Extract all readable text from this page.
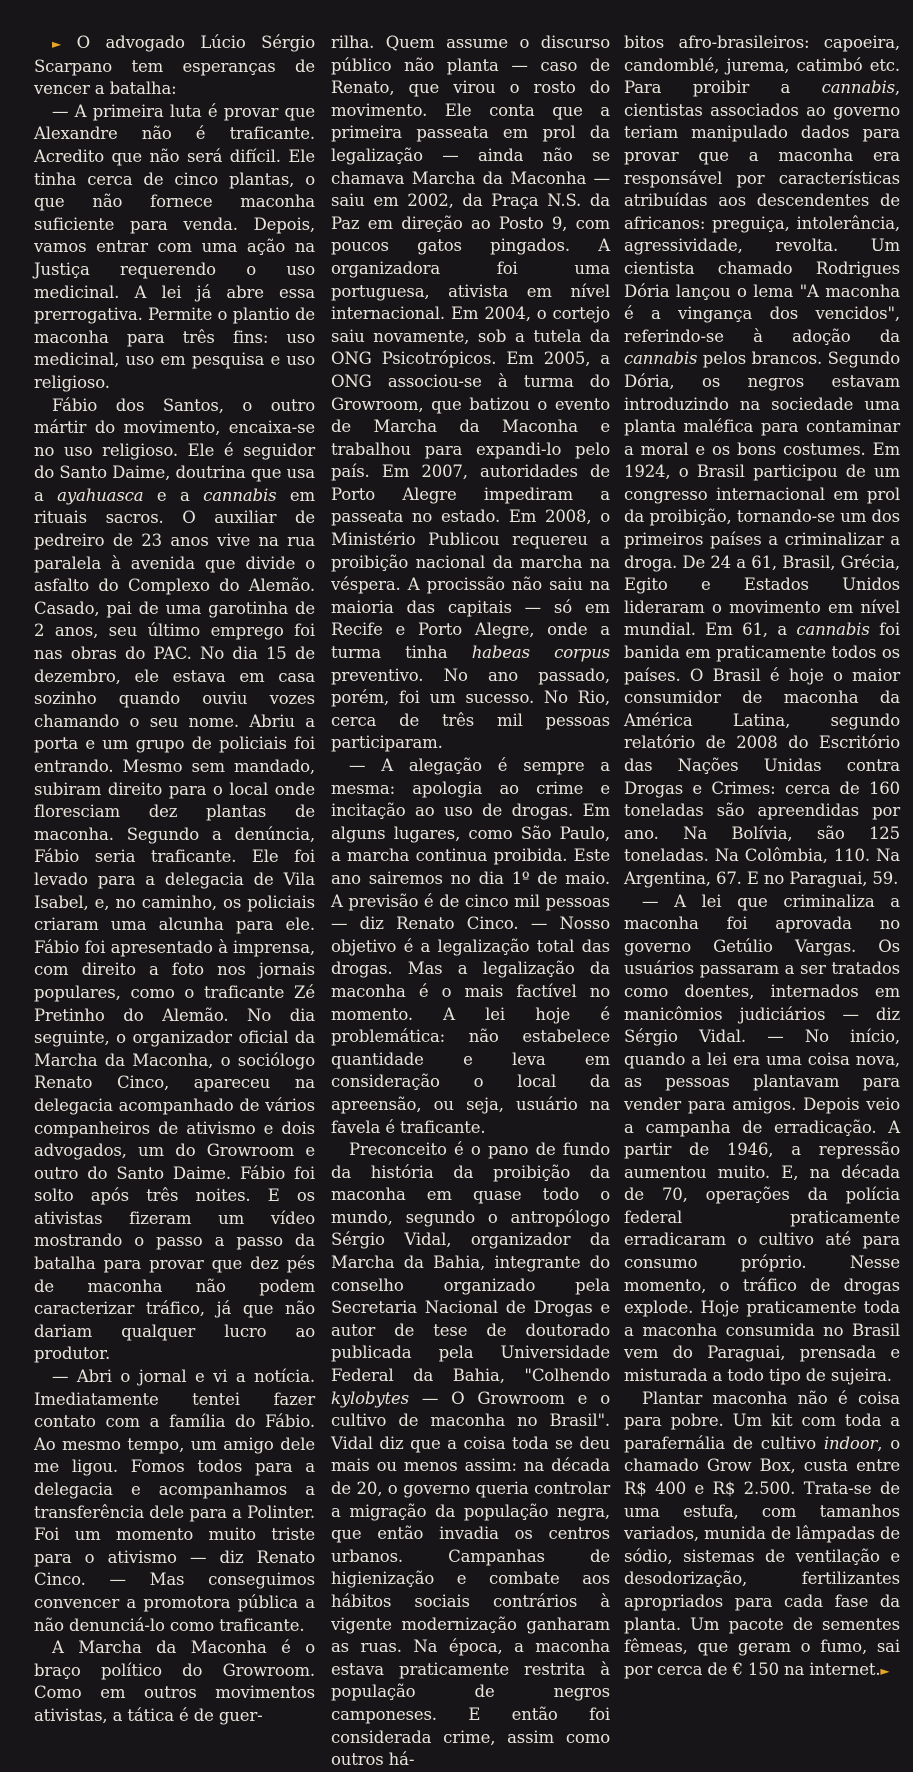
► O advogado Lúcio Sérgio Scarpano tem esperanças de vencer a batalha:

— A primeira luta é provar que Alexandre não é traficante. Acredito que não será difícil. Ele tinha cerca de cinco plantas, o que não fornece maconha suficiente para venda. Depois, vamos entrar com uma ação na Justiça requerendo o uso medicinal. A lei já abre essa prerrogativa. Permite o plantio de maconha para três fins: uso medicinal, uso em pesquisa e uso religioso.

Fábio dos Santos, o outro mártir do movimento, encaixa-se no uso religioso. Ele é seguidor do Santo Daime, doutrina que usa a ayahuasca e a cannabis em rituais sacros. O auxiliar de pedreiro de 23 anos vive na rua paralela à avenida que divide o asfalto do Complexo do Alemão. Casado, pai de uma garotinha de 2 anos, seu último emprego foi nas obras do PAC. No dia 15 de dezembro, ele estava em casa sozinho quando ouviu vozes chamando o seu nome. Abriu a porta e um grupo de policiais foi entrando. Mesmo sem mandado, subiram direito para o local onde floresciam dez plantas de maconha. Segundo a denúncia, Fábio seria traficante. Ele foi levado para a delegacia de Vila Isabel, e, no caminho, os policiais criaram uma alcunha para ele. Fábio foi apresentado à imprensa, com direito a foto nos jornais populares, como o traficante Zé Pretinho do Alemão. No dia seguinte, o organizador oficial da Marcha da Maconha, o sociólogo Renato Cinco, apareceu na delegacia acompanhado de vários companheiros de ativismo e dois advogados, um do Growroom e outro do Santo Daime. Fábio foi solto após três noites. E os ativistas fizeram um vídeo mostrando o passo a passo da batalha para provar que dez pés de maconha não podem caracterizar tráfico, já que não dariam qualquer lucro ao produtor.

— Abri o jornal e vi a notícia. Imediatamente tentei fazer contato com a família do Fábio. Ao mesmo tempo, um amigo dele me ligou. Fomos todos para a delegacia e acompanhamos a transferência dele para a Polinter. Foi um momento muito triste para o ativismo — diz Renato Cinco. — Mas conseguimos convencer a promotora pública a não denunciá-lo como traficante.

A Marcha da Maconha é o braço político do Growroom. Como em outros movimentos ativistas, a tática é de guer-

rilha. Quem assume o discurso público não planta — caso de Renato, que virou o rosto do movimento. Ele conta que a primeira passeata em prol da legalização — ainda não se chamava Marcha da Maconha — saiu em 2002, da Praça N.S. da Paz em direção ao Posto 9, com poucos gatos pingados. A organizadora foi uma portuguesa, ativista em nível internacional. Em 2004, o cortejo saiu novamente, sob a tutela da ONG Psicotrópicos. Em 2005, a ONG associou-se à turma do Growroom, que batizou o evento de Marcha da Maconha e trabalhou para expandi-lo pelo país. Em 2007, autoridades de Porto Alegre impediram a passeata no estado. Em 2008, o Ministério Publicou requereu a proibição nacional da marcha na véspera. A procissão não saiu na maioria das capitais — só em Recife e Porto Alegre, onde a turma tinha habeas corpus preventivo. No ano passado, porém, foi um sucesso. No Rio, cerca de três mil pessoas participaram.

— A alegação é sempre a mesma: apologia ao crime e incitação ao uso de drogas. Em alguns lugares, como São Paulo, a marcha continua proibida. Este ano sairemos no dia 1º de maio. A previsão é de cinco mil pessoas — diz Renato Cinco. — Nosso objetivo é a legalização total das drogas. Mas a legalização da maconha é o mais factível no momento. A lei hoje é problemática: não estabelece quantidade e leva em consideração o local da apreensão, ou seja, usuário na favela é traficante.

Preconceito é o pano de fundo da história da proibição da maconha em quase todo o mundo, segundo o antropólogo Sérgio Vidal, organizador da Marcha da Bahia, integrante do conselho organizado pela Secretaria Nacional de Drogas e autor de tese de doutorado publicada pela Universidade Federal da Bahia, "Colhendo kylobytes — O Growroom e o cultivo de maconha no Brasil". Vidal diz que a coisa toda se deu mais ou menos assim: na década de 20, o governo queria controlar a migração da população negra, que então invadia os centros urbanos. Campanhas de higienização e combate aos hábitos sociais contrários à vigente modernização ganharam as ruas. Na época, a maconha estava praticamente restrita à população de negros camponeses. E então foi considerada crime, assim como outros há-

bitos afro-brasileiros: capoeira, candomblé, jurema, catimbó etc. Para proibir a cannabis, cientistas associados ao governo teriam manipulado dados para provar que a maconha era responsável por características atribuídas aos descendentes de africanos: preguiça, intolerância, agressividade, revolta. Um cientista chamado Rodrigues Dória lançou o lema "A maconha é a vingança dos vencidos", referindo-se à adoção da cannabis pelos brancos. Segundo Dória, os negros estavam introduzindo na sociedade uma planta maléfica para contaminar a moral e os bons costumes. Em 1924, o Brasil participou de um congresso internacional em prol da proibição, tornando-se um dos primeiros países a criminalizar a droga. De 24 a 61, Brasil, Grécia, Egito e Estados Unidos lideraram o movimento em nível mundial. Em 61, a cannabis foi banida em praticamente todos os países. O Brasil é hoje o maior consumidor de maconha da América Latina, segundo relatório de 2008 do Escritório das Nações Unidas contra Drogas e Crimes: cerca de 160 toneladas são apreendidas por ano. Na Bolívia, são 125 toneladas. Na Colômbia, 110. Na Argentina, 67. E no Paraguai, 59.

— A lei que criminaliza a maconha foi aprovada no governo Getúlio Vargas. Os usuários passaram a ser tratados como doentes, internados em manicômios judiciários — diz Sérgio Vidal. — No início, quando a lei era uma coisa nova, as pessoas plantavam para vender para amigos. Depois veio a campanha de erradicação. A partir de 1946, a repressão aumentou muito. E, na década de 70, operações da polícia federal praticamente erradicaram o cultivo até para consumo próprio. Nesse momento, o tráfico de drogas explode. Hoje praticamente toda a maconha consumida no Brasil vem do Paraguai, prensada e misturada a todo tipo de sujeira.

Plantar maconha não é coisa para pobre. Um kit com toda a parafernália de cultivo indoor, o chamado Grow Box, custa entre R$ 400 e R$ 2.500. Trata-se de uma estufa, com tamanhos variados, munida de lâmpadas de sódio, sistemas de ventilação e desodorização, fertilizantes apropriados para cada fase da planta. Um pacote de sementes fêmeas, que geram o fumo, sai por cerca de € 150 na internet.►
